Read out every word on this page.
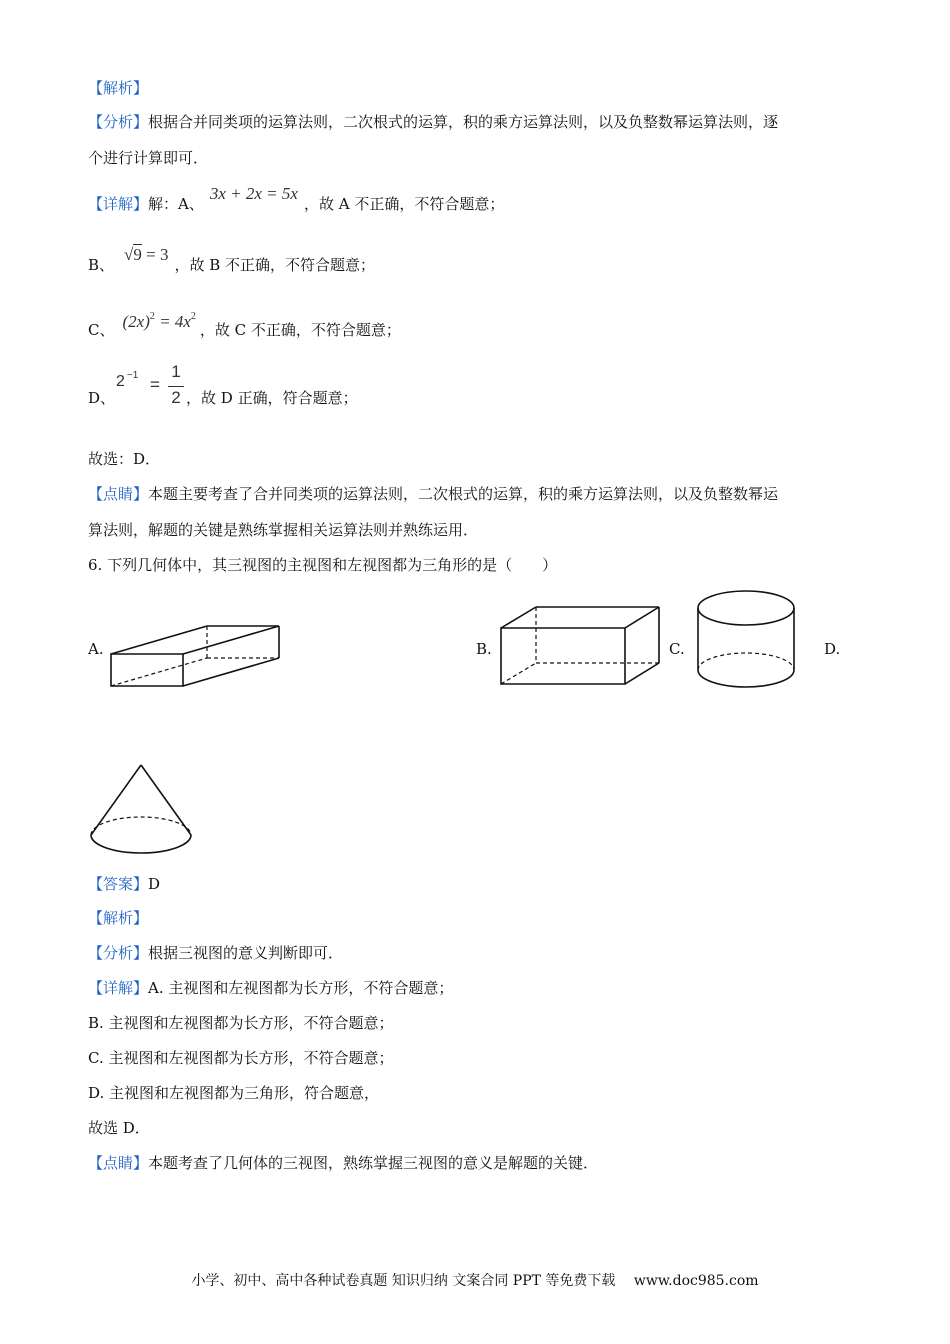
【解析】
【分析】根据合并同类项的运算法则，二次根式的运算，积的乘方运算法则，以及负整数幂运算法则，逐
个进行计算即可．
【详解】解：A、3x + 2x = 5x，故 A 不正确，不符合题意；
B、√9 = 3，故 B 不正确，不符合题意；
C、 $(2x)^2 = 4x^2$，故 C 不正确，不符合题意；
D、
2 $^{-1}$ =
1
2 ，故 D 正确，符合题意；
故选：D．
【点睛】本题主要考查了合并同类项的运算法则，二次根式的运算，积的乘方运算法则，以及负整数幂运
算法则，解题的关键是熟练掌握相关运算法则并熟练运用．
6. 下列几何体中，其三视图的主视图和左视图都为三角形的是（　　）
A.	B.	C.	D.
【答案】D
【解析】
【分析】根据三视图的意义判断即可．
【详解】A. 主视图和左视图都为长方形，不符合题意；
B. 主视图和左视图都为长方形，不符合题意；
C. 主视图和左视图都为长方形，不符合题意；
D. 主视图和左视图都为三角形，符合题意，
故选 D．
【点睛】本题考查了几何体的三视图，熟练掌握三视图的意义是解题的关键．
小学、初中、高中各种试卷真题 知识归纳 文案合同 PPT 等免费下载　 www.doc985.com
